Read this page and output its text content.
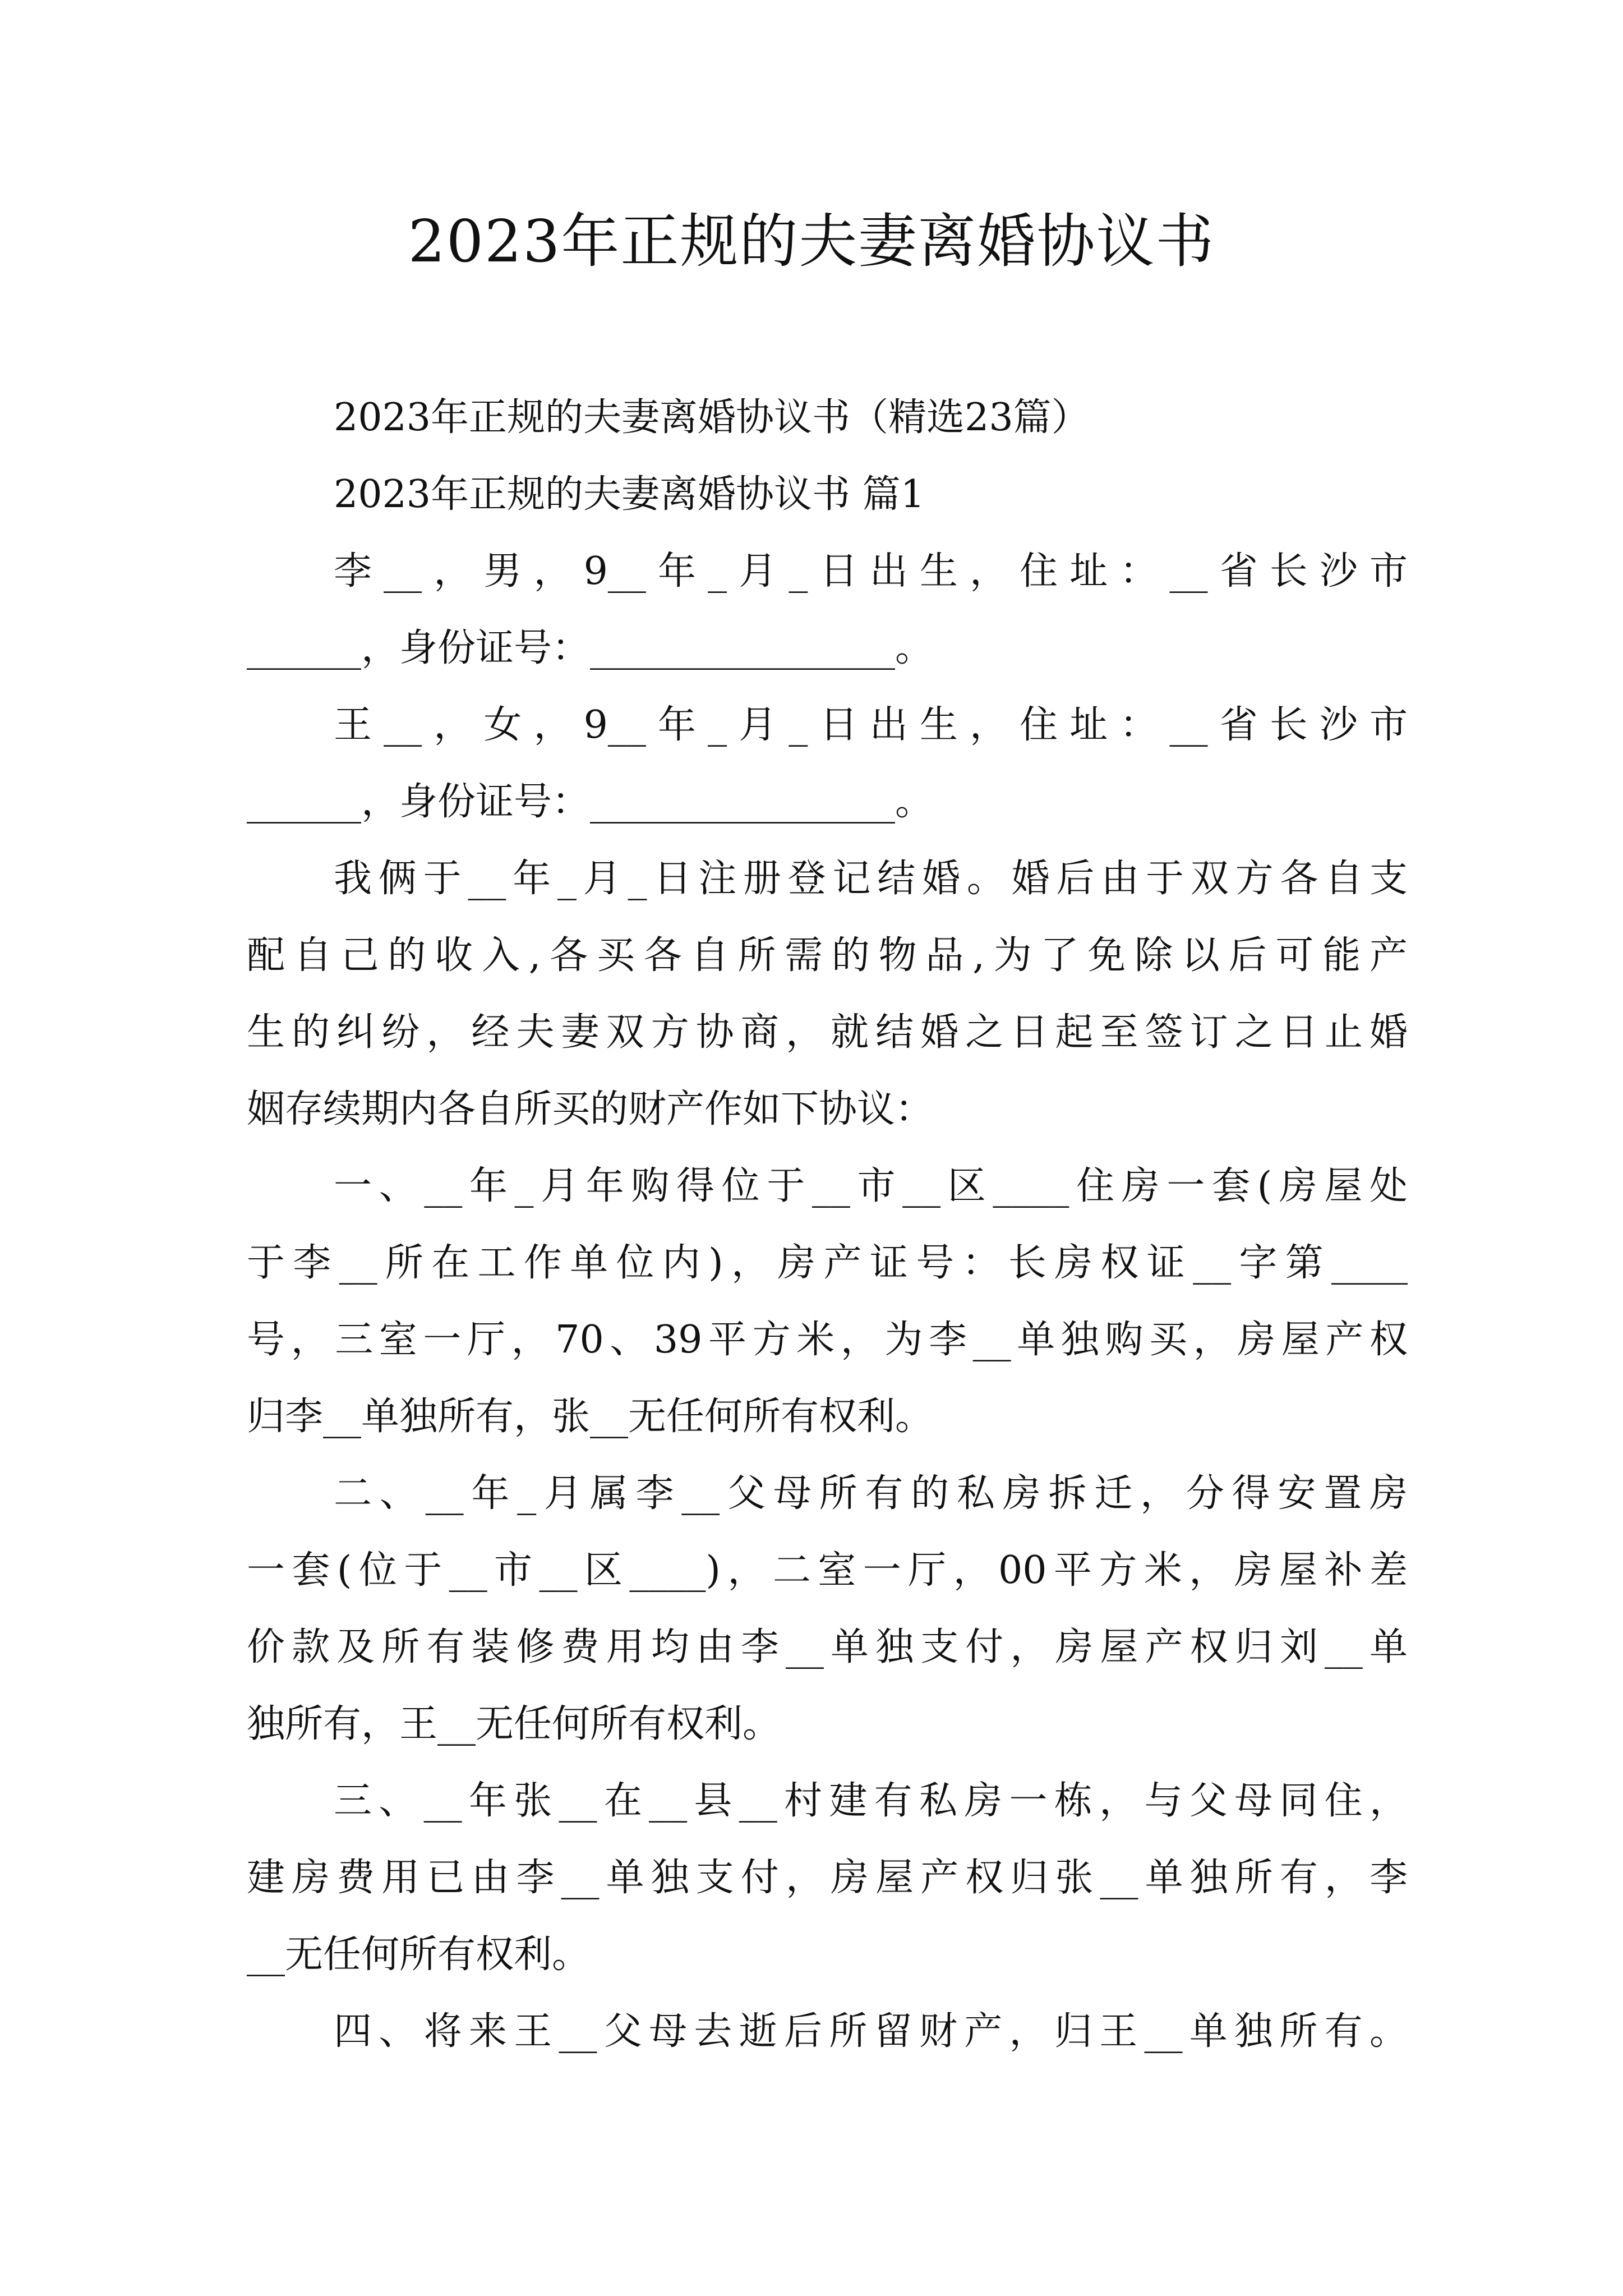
2023年正规的夫妻离婚协议书
2023年正规的夫妻离婚协议书（精选23篇）
2023年正规的夫妻离婚协议书 篇1
李__，男，9__年_月_日出生，住址：__省长沙市
______，身份证号：________________。
王__，女，9__年_月_日出生，住址：__省长沙市
______，身份证号：________________。
我俩于__年_月_日注册登记结婚。婚后由于双方各自支
配自己的收入,各买各自所需的物品,为了免除以后可能产
生的纠纷，经夫妻双方协商，就结婚之日起至签订之日止婚
姻存续期内各自所买的财产作如下协议：
一、__年_月年购得位于__市__区____住房一套(房屋处
于李__所在工作单位内)，房产证号：长房权证__字第____
号，三室一厅，70、39平方米，为李__单独购买，房屋产权
归李__单独所有，张__无任何所有权利。
二、__年_月属李__父母所有的私房拆迁，分得安置房
一套(位于__市__区____)，二室一厅，00平方米，房屋补差
价款及所有装修费用均由李__单独支付，房屋产权归刘__单
独所有，王__无任何所有权利。
三、__年张__在__县__村建有私房一栋，与父母同住，
建房费用已由李__单独支付，房屋产权归张__单独所有，李
__无任何所有权利。
四、将来王__父母去逝后所留财产，归王__单独所有。
